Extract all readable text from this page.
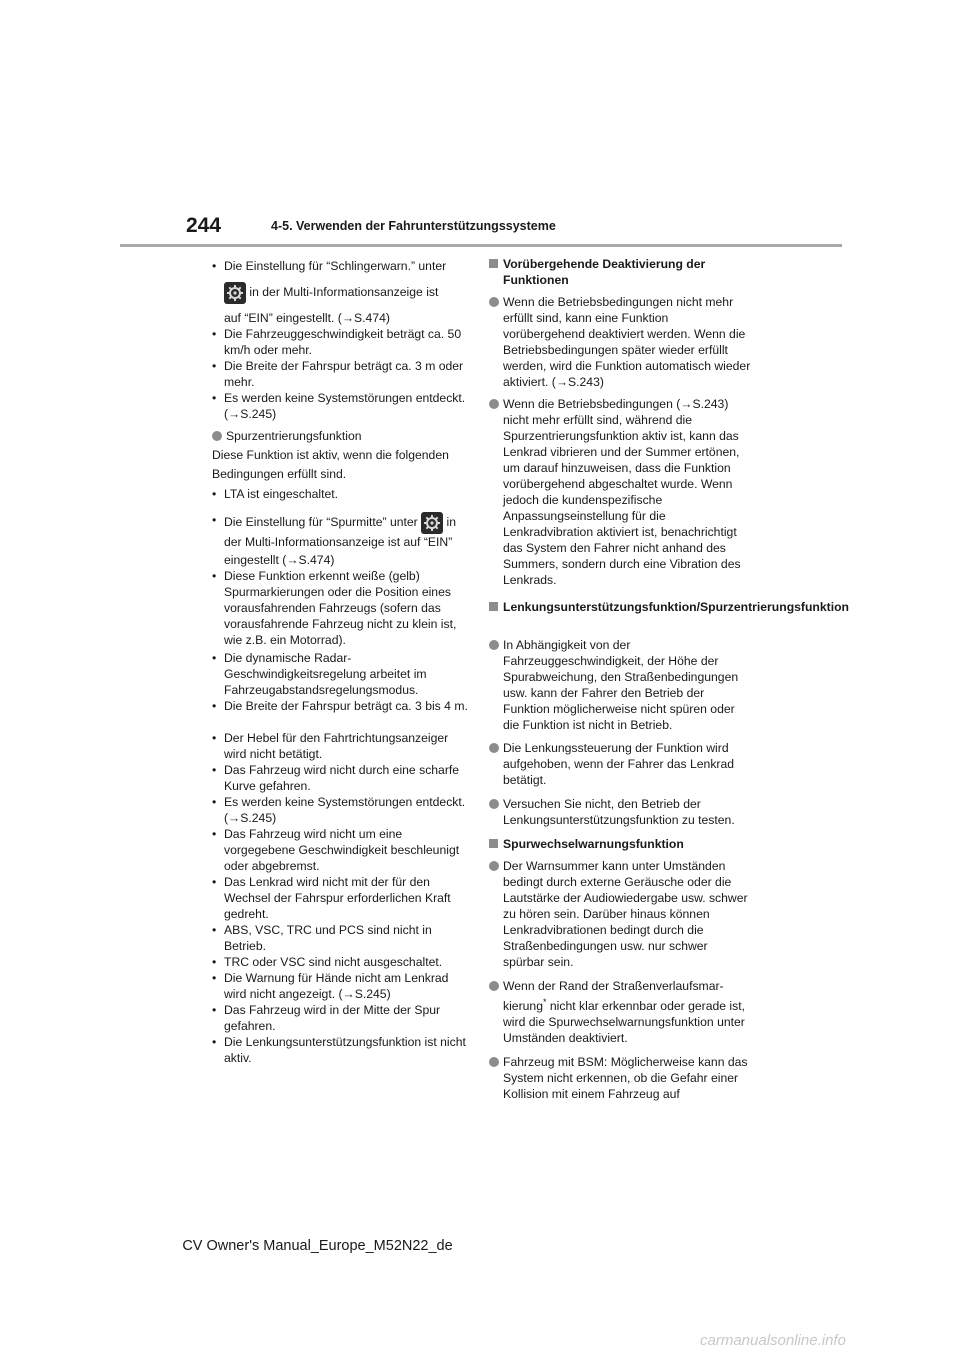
244	4-5. Verwenden der Fahrunterstützungssysteme
• Die Einstellung für “Schlingerwarn.” unter
in der Multi-Informationsanzeige ist
auf “EIN” eingestellt. (→S.474)
• Die Fahrzeuggeschwindigkeit beträgt ca. 50 km/h oder mehr.
• Die Breite der Fahrspur beträgt ca. 3 m oder mehr.
• Es werden keine Systemstörungen entdeckt. (→S.245)
Spurzentrierungsfunktion
Diese Funktion ist aktiv, wenn die folgenden
Bedingungen erfüllt sind.
• LTA ist eingeschaltet.
• Die Einstellung für “Spurmitte” unter in
der Multi-Informationsanzeige ist auf “EIN”
eingestellt (→S.474)
• Diese Funktion erkennt weiße (gelb) Spurmarkierungen oder die Position eines vorausfahrenden Fahrzeugs (sofern das vorausfahrende Fahrzeug nicht zu klein ist, wie z.B. ein Motorrad).
• Die dynamische Radar-Geschwindigkeitsregelung arbeitet im Fahrzeugabstandsregelungsmodus.
• Die Breite der Fahrspur beträgt ca. 3 bis 4 m.
• Der Hebel für den Fahrtrichtungsanzeiger wird nicht betätigt.
• Das Fahrzeug wird nicht durch eine scharfe Kurve gefahren.
• Es werden keine Systemstörungen entdeckt. (→S.245)
• Das Fahrzeug wird nicht um eine vorgegebene Geschwindigkeit beschleunigt oder abgebremst.
• Das Lenkrad wird nicht mit der für den Wechsel der Fahrspur erforderlichen Kraft gedreht.
• ABS, VSC, TRC und PCS sind nicht in Betrieb.
• TRC oder VSC sind nicht ausgeschaltet.
• Die Warnung für Hände nicht am Lenkrad wird nicht angezeigt. (→S.245)
• Das Fahrzeug wird in der Mitte der Spur gefahren.
• Die Lenkungsunterstützungsfunktion ist nicht aktiv.
Vorübergehende Deaktivierung der Funktionen
Wenn die Betriebsbedingungen nicht mehr erfüllt sind, kann eine Funktion vorübergehend deaktiviert werden. Wenn die Betriebsbedingungen später wieder erfüllt werden, wird die Funktion automatisch wieder aktiviert. (→S.243)
Wenn die Betriebsbedingungen (→S.243) nicht mehr erfüllt sind, während die Spurzentrierungsfunktion aktiv ist, kann das Lenkrad vibrieren und der Summer ertönen, um darauf hinzuweisen, dass die Funktion vorübergehend abgeschaltet wurde. Wenn jedoch die kundenspezifische Anpassungseinstellung für die Lenkradvibration aktiviert ist, benachrichtigt das System den Fahrer nicht anhand des Summers, sondern durch eine Vibration des Lenkrads.
Lenkungsunterstützungsfunktion/Spurzentrierungsfunktion
In Abhängigkeit von der Fahrzeuggeschwindigkeit, der Höhe der Spurabweichung, den Straßenbedingungen usw. kann der Fahrer den Betrieb der Funktion möglicherweise nicht spüren oder die Funktion ist nicht in Betrieb.
Die Lenkungssteuerung der Funktion wird aufgehoben, wenn der Fahrer das Lenkrad betätigt.
Versuchen Sie nicht, den Betrieb der Lenkungsunterstützungsfunktion zu testen.
Spurwechselwarnungsfunktion
Der Warnsummer kann unter Umständen bedingt durch externe Geräusche oder die Lautstärke der Audiowiedergabe usw. schwer zu hören sein. Darüber hinaus können Lenkradvibrationen bedingt durch die Straßenbedingungen usw. nur schwer spürbar sein.
Wenn der Rand der Straßenverlaufsmar-
kierung* nicht klar erkennbar oder gerade ist, wird die Spurwechselwarnungsfunktion unter Umständen deaktiviert.
Fahrzeug mit BSM: Möglicherweise kann das System nicht erkennen, ob die Gefahr einer Kollision mit einem Fahrzeug auf
CV Owner's Manual_Europe_M52N22_de
carmanualsonline.info
